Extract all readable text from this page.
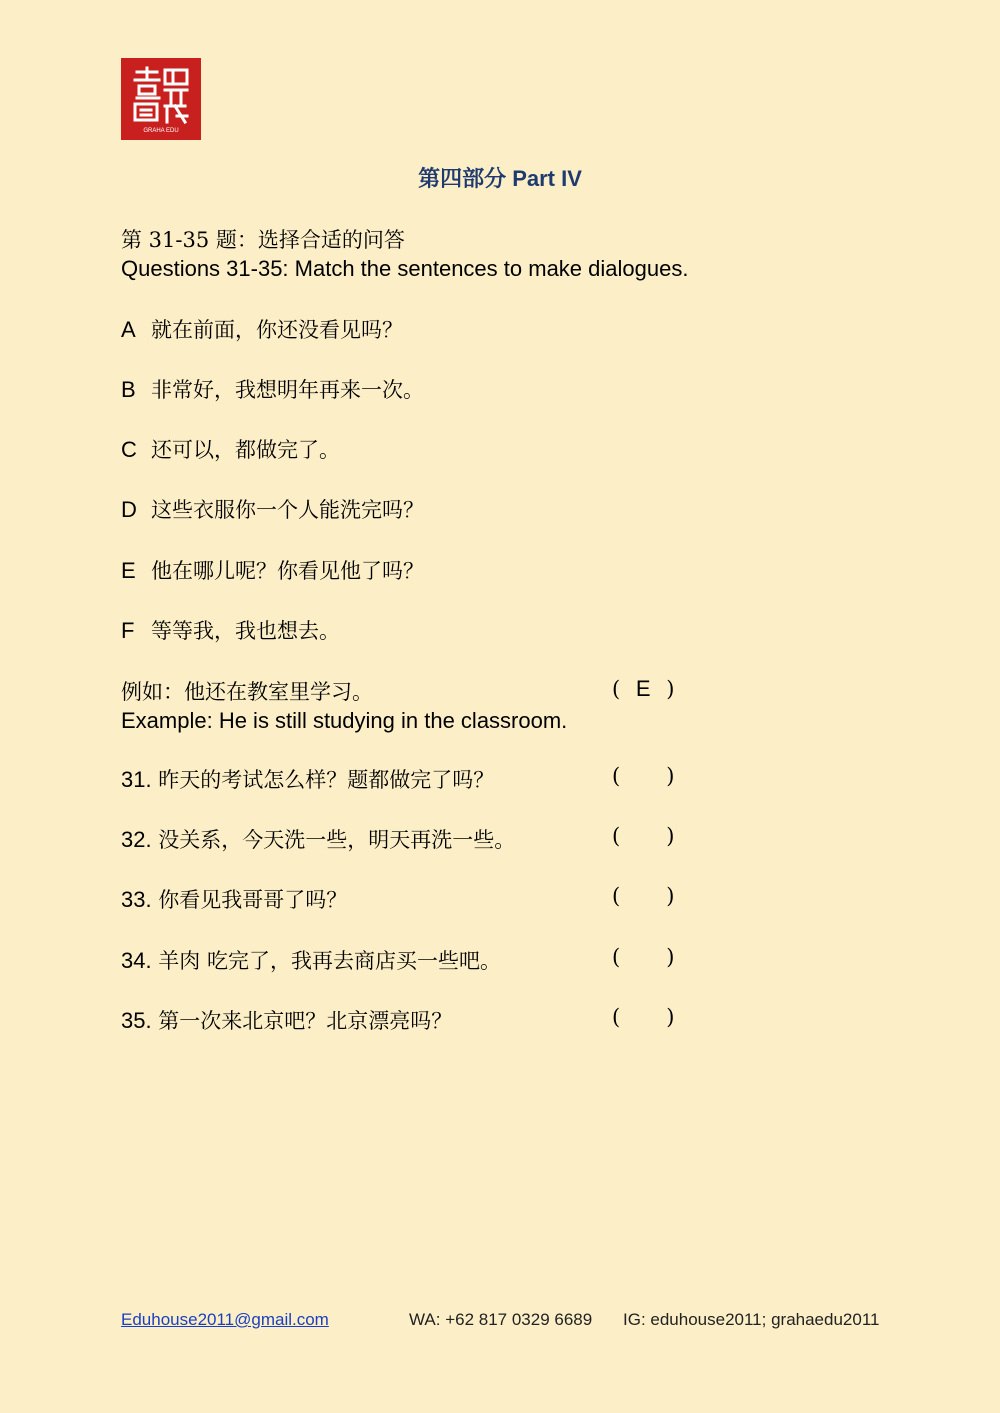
GRAHA EDU
第四部分 Part IV
第 31-35 题：选择合适的问答
Questions 31-35: Match the sentences to make dialogues.
A 就在前面，你还没看见吗？
B 非常好，我想明年再来一次。
C 还可以，都做完了。
D 这些衣服你一个人能洗完吗？
E 他在哪儿呢？你看见他了吗？
F 等等我，我也想去。
例如：他还在教室里学习。	( E )
Example: He is still studying in the classroom.
31. 昨天的考试怎么样？题都做完了吗？	( )
32. 没关系，今天洗一些，明天再洗一些。	( )
33. 你看见我哥哥了吗？	( )
34. 羊肉 吃完了，我再去商店买一些吧。	( )
35. 第一次来北京吧？北京漂亮吗？	( )
Eduhouse2011@gmail.com	WA: +62 817 0329 6689 IG: eduhouse2011; grahaedu2011
